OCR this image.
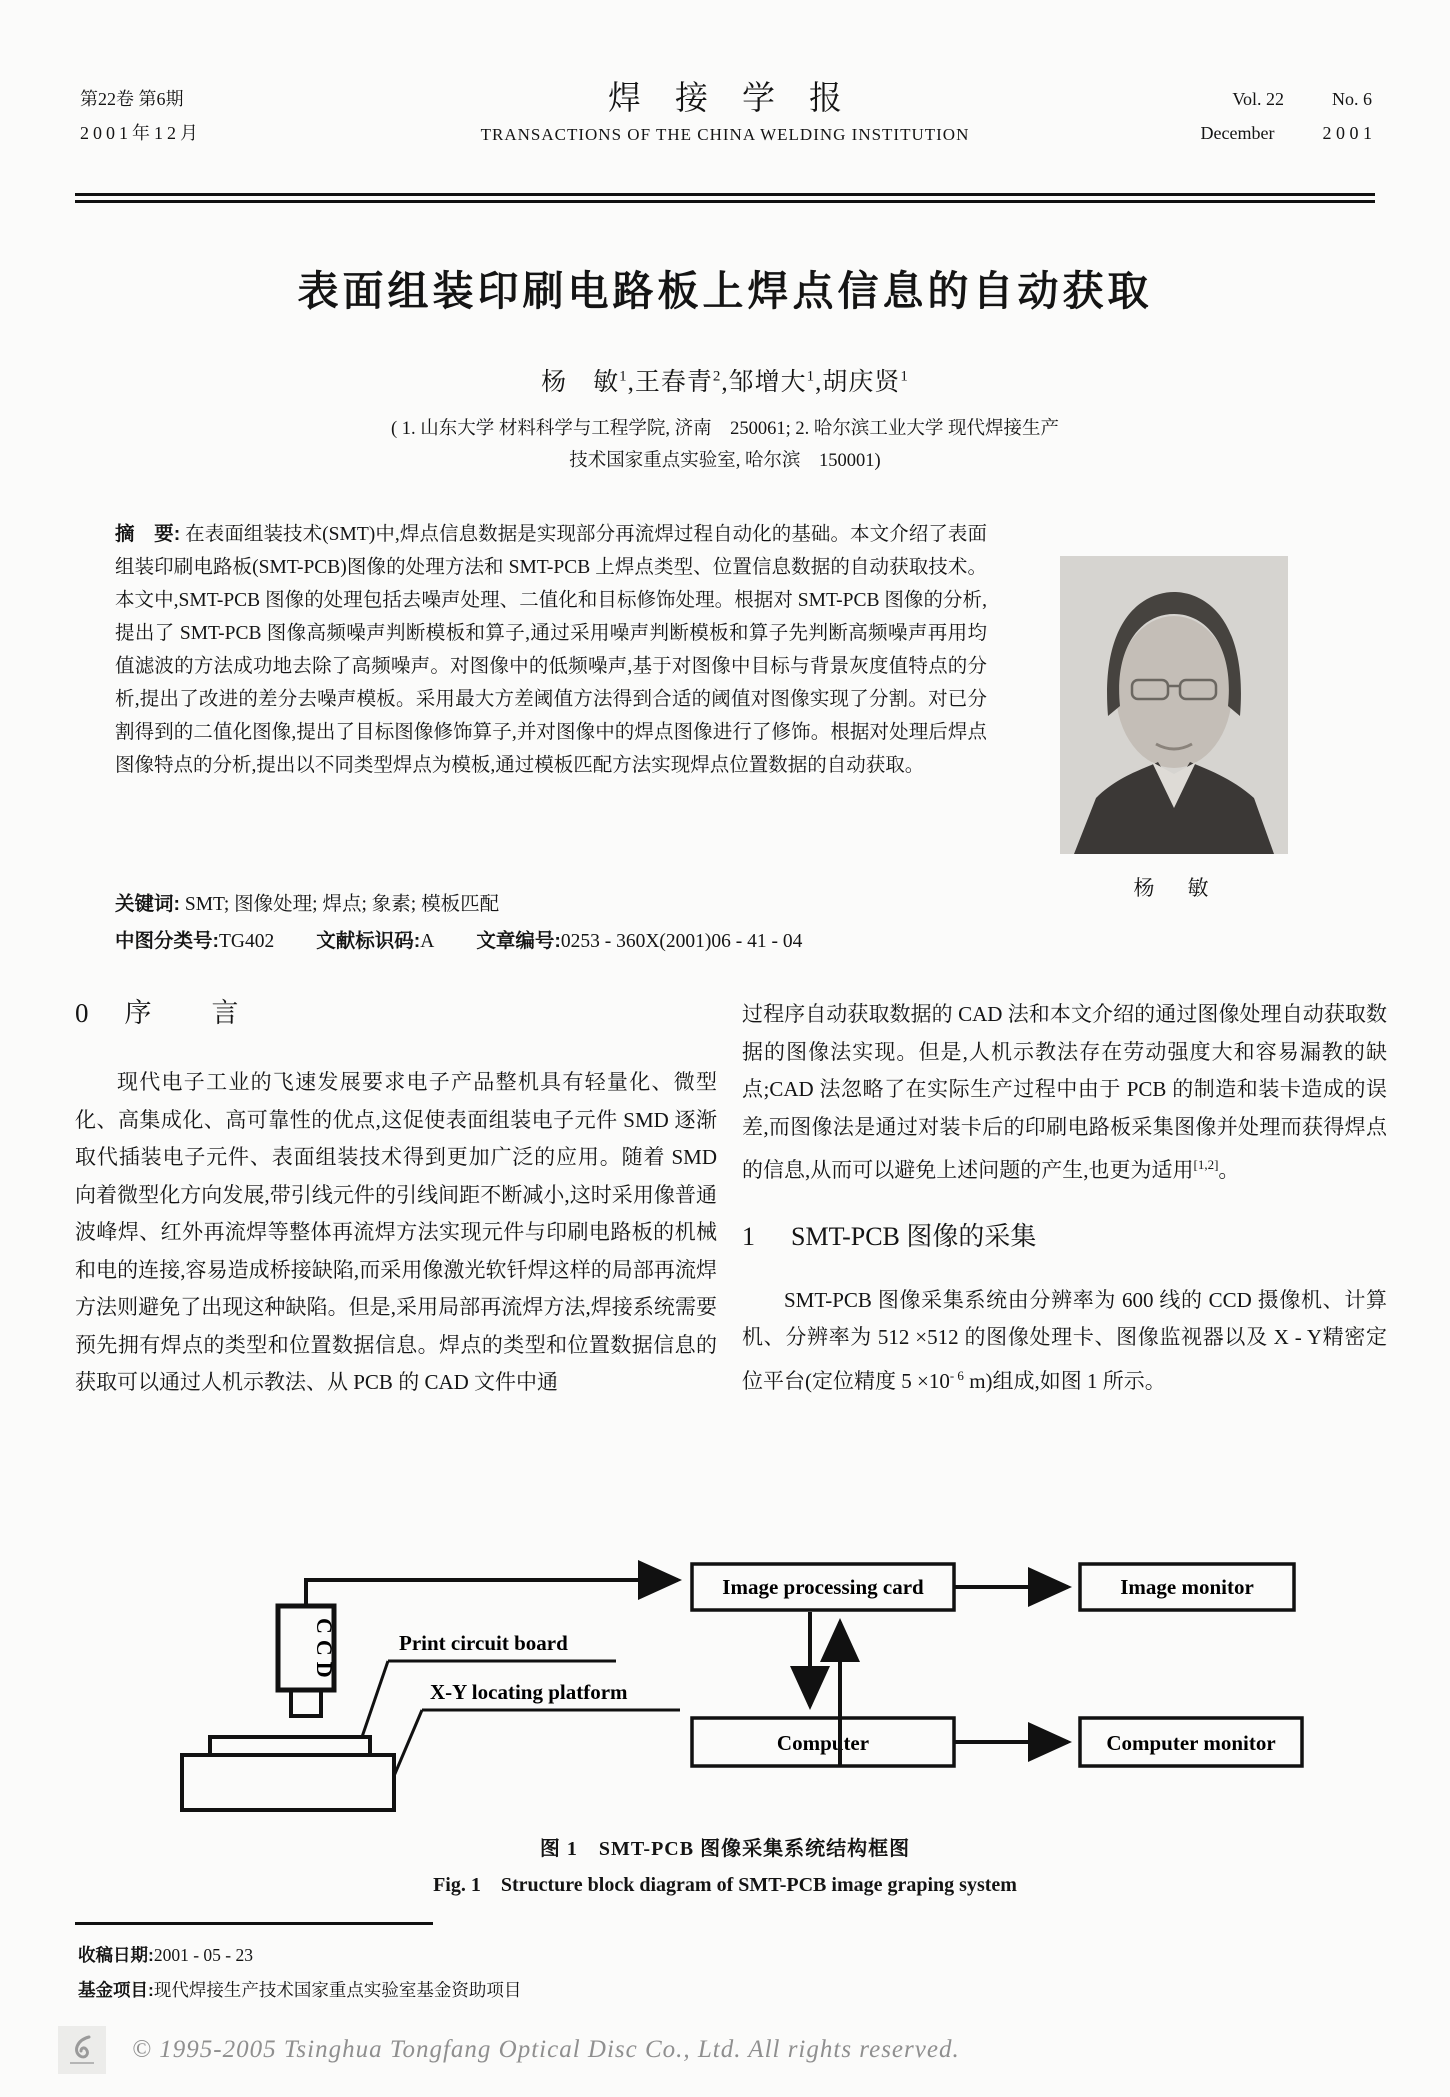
第22卷 第6期
2001年12月
焊接学报
TRANSACTIONS OF THE CHINA WELDING INSTITUTION
Vol. 22	No. 6
December	2 0 0 1
表面组装印刷电路板上焊点信息的自动获取
杨　敏$^1$,王春青$^2$,邹增大$^1$,胡庆贤$^1$
( 1. 山东大学 材料科学与工程学院, 济南　250061; 2. 哈尔滨工业大学 现代焊接生产
技术国家重点实验室, 哈尔滨　150001)
摘　要: 在表面组装技术(SMT)中,焊点信息数据是实现部分再流焊过程自动化的基础。本文介绍了表面组装印刷电路板(SMT-PCB)图像的处理方法和 SMT-PCB 上焊点类型、位置信息数据的自动获取技术。本文中,SMT-PCB 图像的处理包括去噪声处理、二值化和目标修饰处理。根据对 SMT-PCB 图像的分析,提出了 SMT-PCB 图像高频噪声判断模板和算子,通过采用噪声判断模板和算子先判断高频噪声再用均值滤波的方法成功地去除了高频噪声。对图像中的低频噪声,基于对图像中目标与背景灰度值特点的分析,提出了改进的差分去噪声模板。采用最大方差阈值方法得到合适的阈值对图像实现了分割。对已分割得到的二值化图像,提出了目标图像修饰算子,并对图像中的焊点图像进行了修饰。根据对处理后焊点图像特点的分析,提出以不同类型焊点为模板,通过模板匹配方法实现焊点位置数据的自动获取。
关键词: SMT; 图像处理; 焊点; 象素; 模板匹配
中图分类号:TG402 文献标识码:A 文章编号:0253 - 360X(2001)06 - 41 - 04
杨　敏
0 序　　言

现代电子工业的飞速发展要求电子产品整机具有轻量化、微型化、高集成化、高可靠性的优点,这促使表面组装电子元件 SMD 逐渐取代插装电子元件、表面组装技术得到更加广泛的应用。随着 SMD 向着微型化方向发展,带引线元件的引线间距不断减小,这时采用像普通波峰焊、红外再流焊等整体再流焊方法实现元件与印刷电路板的机械和电的连接,容易造成桥接缺陷,而采用像激光软钎焊这样的局部再流焊方法则避免了出现这种缺陷。但是,采用局部再流焊方法,焊接系统需要预先拥有焊点的类型和位置数据信息。焊点的类型和位置数据信息的获取可以通过人机示教法、从 PCB 的 CAD 文件中通

过程序自动获取数据的 CAD 法和本文介绍的通过图像处理自动获取数据的图像法实现。但是,人机示教法存在劳动强度大和容易漏教的缺点;CAD 法忽略了在实际生产过程中由于 PCB 的制造和装卡造成的误差,而图像法是通过对装卡后的印刷电路板采集图像并处理而获得焊点的信息,从而可以避免上述问题的产生,也更为适用[1,2]。

1 SMT-PCB 图像的采集

SMT-PCB 图像采集系统由分辨率为 600 线的 CCD 摄像机、计算机、分辨率为 512 ×512 的图像处理卡、图像监视器以及 X - Y精密定位平台(定位精度 5 ×10$^{- 6}$ m)组成,如图 1 所示。

Image processing card	Image monitor
Computer	Computer monitor
CCD	Print circuit board
X-Y locating platform
图 1　SMT-PCB 图像采集系统结构框图
Fig. 1　Structure block diagram of SMT-PCB image graping system
收稿日期:2001 - 05 - 23
基金项目:现代焊接生产技术国家重点实验室基金资助项目
© 1995-2005 Tsinghua Tongfang Optical Disc Co., Ltd. All rights reserved.
